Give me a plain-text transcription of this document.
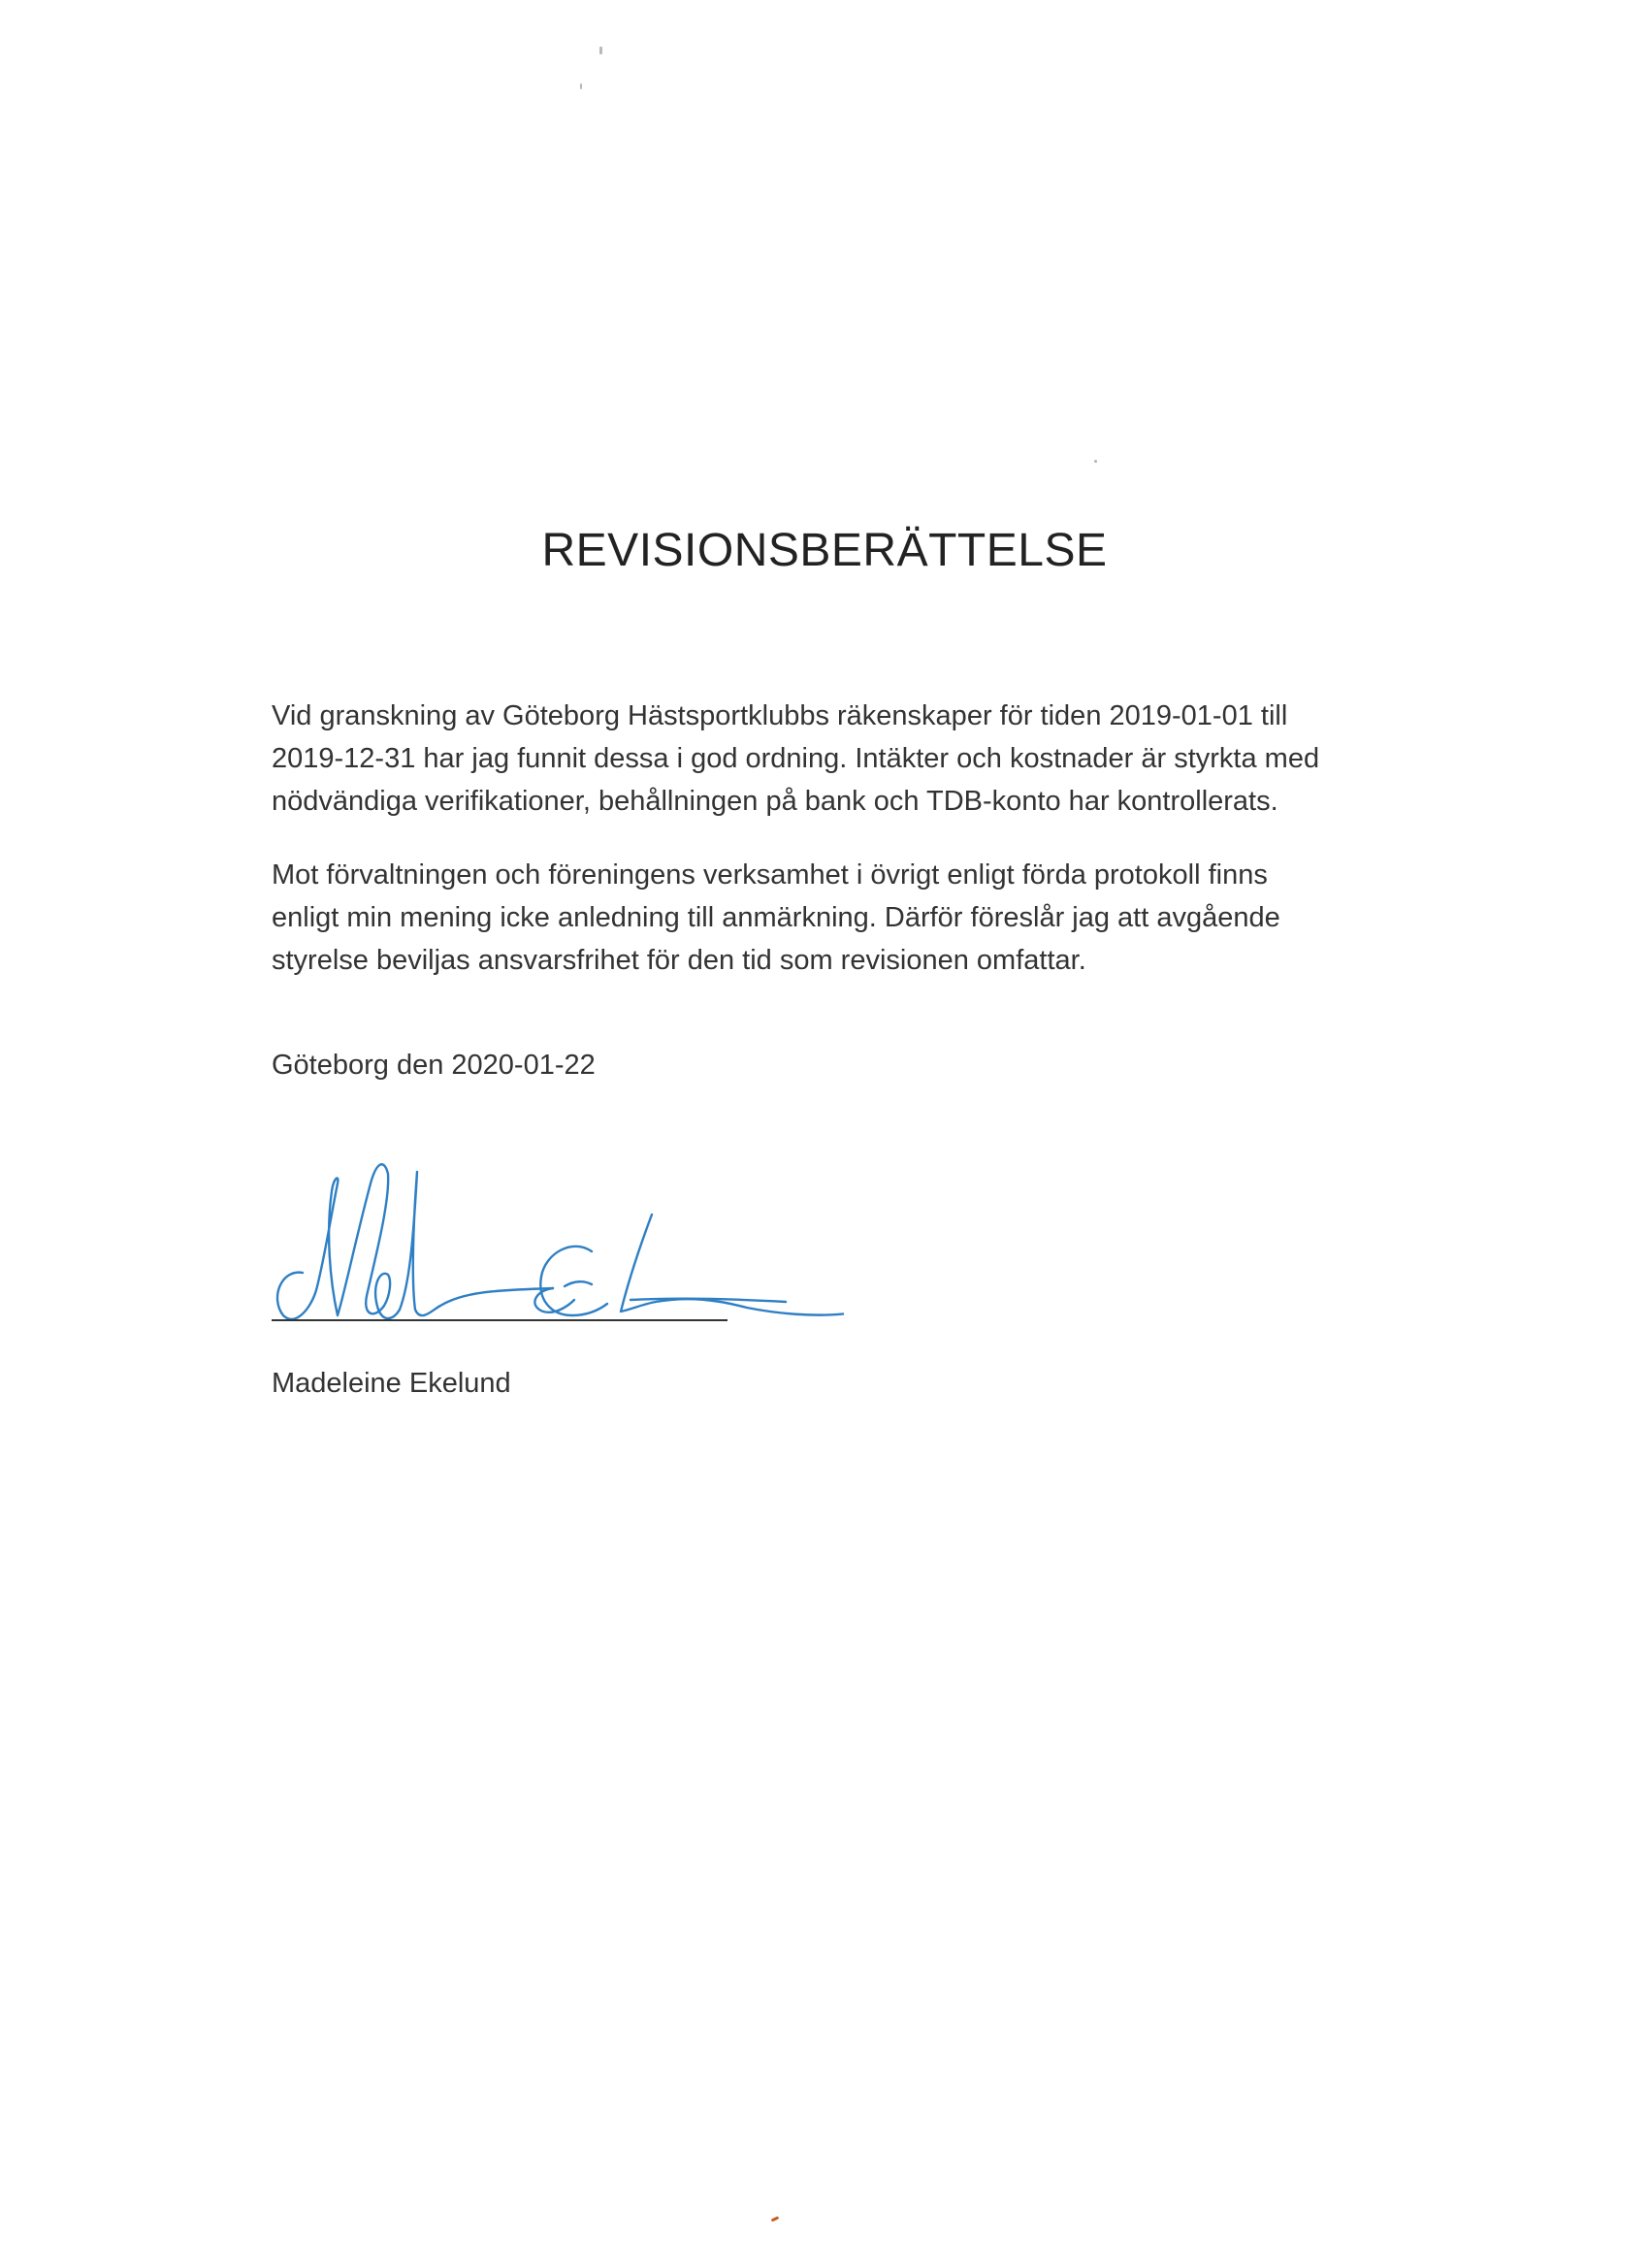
REVISIONSBERÄTTELSE

Vid granskning av Göteborg Hästsportklubbs räkenskaper för tiden 2019-01-01 till
2019-12-31 har jag funnit dessa i god ordning. Intäkter och kostnader är styrkta med
nödvändiga verifikationer, behållningen på bank och TDB-konto har kontrollerats.

Mot förvaltningen och föreningens verksamhet i övrigt enligt förda protokoll finns
enligt min mening icke anledning till anmärkning. Därför föreslår jag att avgående
styrelse beviljas ansvarsfrihet för den tid som revisionen omfattar.

Göteborg den 2020-01-22

Madeleine Ekelund
